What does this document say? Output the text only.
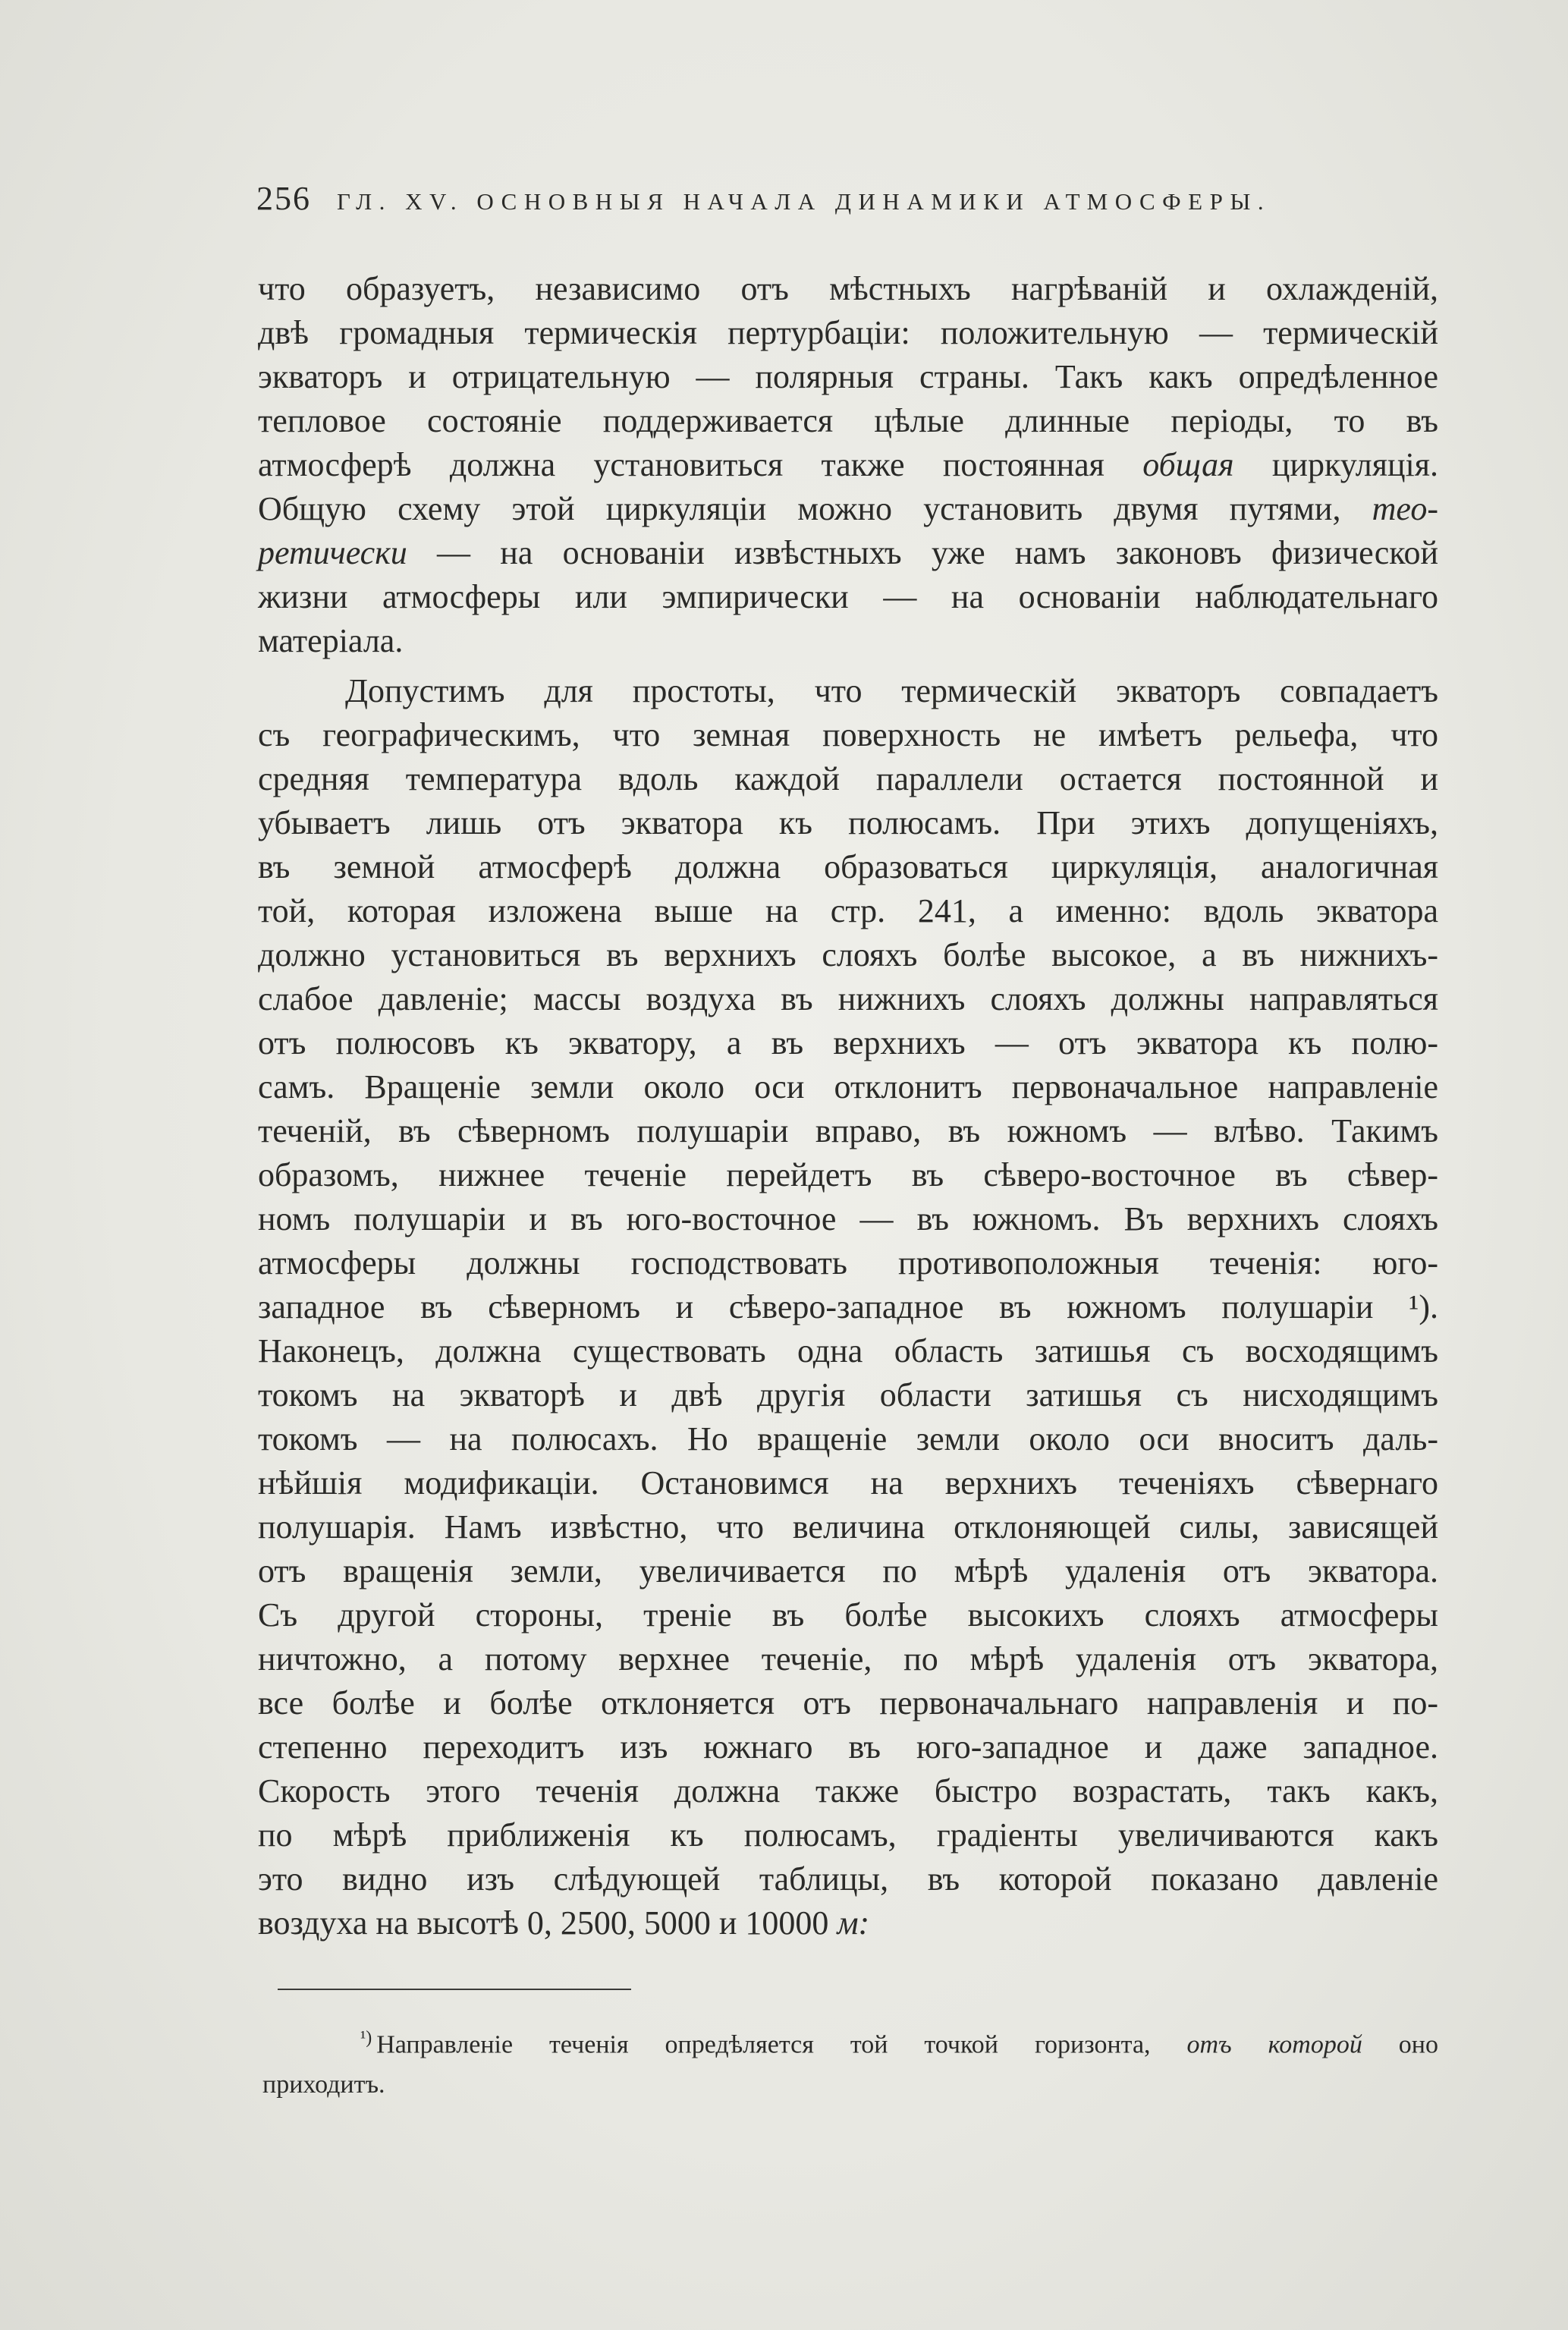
256 ГЛ. XV. ОСНОВНЫЯ НАЧАЛА ДИНАМИКИ АТМОСФЕРЫ.
что образуетъ, независимо отъ мѣстныхъ нагрѣваній и охлажденій,
двѣ громадныя термическія пертурбаціи: положительную — термическій
экваторъ и отрицательную — полярныя страны. Такъ какъ опредѣленное
тепловое состояніе поддерживается цѣлые длинные періоды, то въ
атмосферѣ должна установиться также постоянная общая циркуляція.
Общую схему этой циркуляціи можно установить двумя путями, тео-
ретически — на основаніи извѣстныхъ уже намъ законовъ физической
жизни атмосферы или эмпирически — на основаніи наблюдательнаго
матеріала.
Допустимъ для простоты, что термическій экваторъ совпадаетъ
съ географическимъ, что земная поверхность не имѣетъ рельефа, что
средняя температура вдоль каждой параллели остается постоянной и
убываетъ лишь отъ экватора къ полюсамъ. При этихъ допущеніяхъ,
въ земной атмосферѣ должна образоваться циркуляція, аналогичная
той, которая изложена выше на стр. 241, а именно: вдоль экватора
должно установиться въ верхнихъ слояхъ болѣе высокое, а въ нижнихъ-
слабое давленіе; массы воздуха въ нижнихъ слояхъ должны направляться
отъ полюсовъ къ экватору, а въ верхнихъ — отъ экватора къ полю-
самъ. Вращеніе земли около оси отклонитъ первоначальное направленіе
теченій, въ сѣверномъ полушаріи вправо, въ южномъ — влѣво. Такимъ
образомъ, нижнее теченіе перейдетъ въ сѣверо-восточное въ сѣвер-
номъ полушаріи и въ юго-восточное — въ южномъ. Въ верхнихъ слояхъ
атмосферы должны господствовать противоположныя теченія: юго-
западное въ сѣверномъ и сѣверо-западное въ южномъ полушаріи ¹).
Наконецъ, должна существовать одна область затишья съ восходящимъ
токомъ на экваторѣ и двѣ другія области затишья съ нисходящимъ
токомъ — на полюсахъ. Но вращеніе земли около оси вноситъ даль-
нѣйшія модификаціи. Остановимся на верхнихъ теченіяхъ сѣвернаго
полушарія. Намъ извѣстно, что величина отклоняющей силы, зависящей
отъ вращенія земли, увеличивается по мѣрѣ удаленія отъ экватора.
Съ другой стороны, треніе въ болѣе высокихъ слояхъ атмосферы
ничтожно, а потому верхнее теченіе, по мѣрѣ удаленія отъ экватора,
все болѣе и болѣе отклоняется отъ первоначальнаго направленія и по-
степенно переходитъ изъ южнаго въ юго-западное и даже западное.
Скорость этого теченія должна также быстро возрастать, такъ какъ,
по мѣрѣ приближенія къ полюсамъ, градіенты увеличиваются какъ
это видно изъ слѣдующей таблицы, въ которой показано давленіе
воздуха на высотѣ 0, 2500, 5000 и 10000 м:
$^{^1)}$ Направленіе теченія опредѣляется той точкой горизонта, отъ которой оно
приходитъ.
